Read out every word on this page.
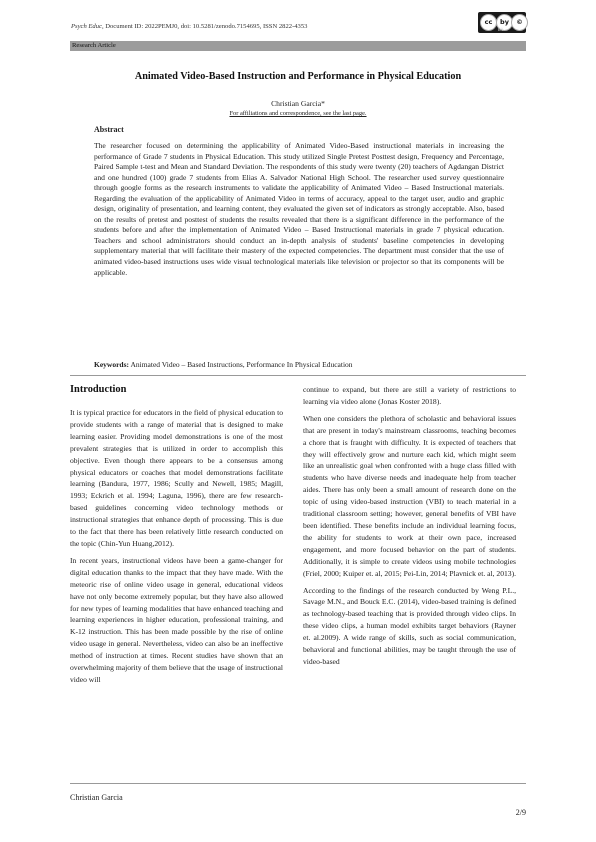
Psych Educ, Document ID: 2022PEMJ0, doi: 10.5281/zenodo.7154695, ISSN 2822-4353
cc	by	©
BY
Research Article
Animated Video-Based Instruction and Performance in Physical Education
Christian Garcia*
For affiliations and correspondence, see the last page.
Abstract
The researcher focused on determining the applicability of Animated Video-Based instructional materials in increasing the performance of Grade 7 students in Physical Education. This study utilized Single Pretest Posttest design, Frequency and Percentage, Paired Sample t-test and Mean and Standard Deviation. The respondents of this study were twenty (20) teachers of Agdangan District and one hundred (100) grade 7 students from Elias A. Salvador National High School. The researcher used survey questionnaire through google forms as the research instruments to validate the applicability of Animated Video – Based Instructional materials. Regarding the evaluation of the applicability of Animated Video in terms of accuracy, appeal to the target user, audio and graphic design, originality of presentation, and learning content, they evaluated the given set of indicators as strongly acceptable. Also, based on the results of pretest and posttest of students the results revealed that there is a significant difference in the performance of the students before and after the implementation of Animated Video – Based Instructional materials in grade 7 physical education. Teachers and school administrators should conduct an in-depth analysis of students' baseline competencies in developing supplementary material that will facilitate their mastery of the expected competencies. The department must consider that the use of animated video-based instructions uses wide visual technological materials like television or projector so that its components will be applicable.
Keywords: Animated Video – Based Instructions, Performance In Physical Education
Introduction

It is typical practice for educators in the field of physical education to provide students with a range of material that is designed to make learning easier. Providing model demonstrations is one of the most prevalent strategies that is utilized in order to accomplish this objective. Even though there appears to be a consensus among physical educators or coaches that model demonstrations facilitate learning (Bandura, 1977, 1986; Scully and Newell, 1985; Magill, 1993; Eckrich et al. 1994; Laguna, 1996), there are few research-based guidelines concerning video technology methods or instructional strategies that enhance depth of processing. This is due to the fact that there has been relatively little research conducted on the topic (Chin-Yun Huang,2012).

In recent years, instructional videos have been a game-changer for digital education thanks to the impact that they have made. With the meteoric rise of online video usage in general, educational videos have not only become extremely popular, but they have also allowed for new types of learning modalities that have enhanced teaching and learning experiences in higher education, professional training, and K-12 instruction. This has been made possible by the rise of online video usage in general. Nevertheless, video can also be an ineffective method of instruction at times. Recent studies have shown that an overwhelming majority of them believe that the usage of instructional video will

continue to expand, but there are still a variety of restrictions to learning via video alone (Jonas Koster 2018).

When one considers the plethora of scholastic and behavioral issues that are present in today's mainstream classrooms, teaching becomes a chore that is fraught with difficulty. It is expected of teachers that they will effectively grow and nurture each kid, which might seem like an unrealistic goal when confronted with a huge class filled with students who have diverse needs and inadequate help from teacher aides. There has only been a small amount of research done on the topic of using video-based instruction (VBI) to teach material in a traditional classroom setting; however, general benefits of VBI have been identified. These benefits include an individual learning focus, the ability for students to work at their own pace, increased engagement, and more focused behavior on the part of students. Additionally, it is simple to create videos using mobile technologies (Friel, 2000; Kuiper et. al, 2015; Pei-Lin, 2014; Plavnick et. al, 2013).

According to the findings of the research conducted by Weng P.L., Savage M.N., and Bouck E.C. (2014), video-based training is defined as technology-based teaching that is provided through video clips. In these video clips, a human model exhibits target behaviors (Rayner et. al.2009). A wide range of skills, such as social communication, behavioral and functional abilities, may be taught through the use of video-based

Christian Garcia
2/9
